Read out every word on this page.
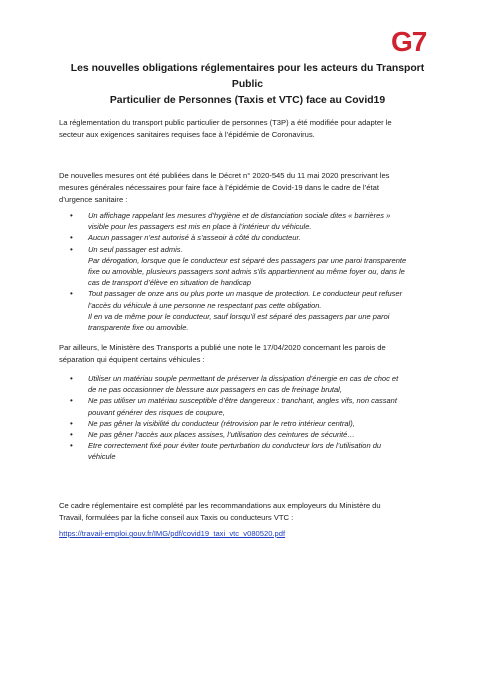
G7
Les nouvelles obligations réglementaires pour les acteurs du Transport Public
Particulier de Personnes (Taxis et VTC) face au Covid19
La réglementation du transport public particulier de personnes (T3P) a été modifiée pour adapter le
secteur aux exigences sanitaires requises face à l’épidémie de Coronavirus.
De nouvelles mesures ont été publiées dans le Décret n° 2020-545 du 11 mai 2020 prescrivant les
mesures générales nécessaires pour faire face à l’épidémie de Covid-19 dans le cadre de l’état
d’urgence sanitaire :
• Un affichage rappelant les mesures d’hygiène et de distanciation sociale dites « barrières »
visible pour les passagers est mis en place à l’intérieur du véhicule.
• Aucun passager n’est autorisé à s’asseoir à côté du conducteur.
• Un seul passager est admis.
Par dérogation, lorsque que le conducteur est séparé des passagers par une paroi transparente
fixe ou amovible, plusieurs passagers sont admis s’ils appartiennent au même foyer ou, dans le
cas de transport d’élève en situation de handicap
• Tout passager de onze ans ou plus porte un masque de protection. Le conducteur peut refuser
l’accès du véhicule à une personne ne respectant pas cette obligation.
Il en va de même pour le conducteur, sauf lorsqu’il est séparé des passagers par une paroi
transparente fixe ou amovible.
Par ailleurs, le Ministère des Transports a publié une note le 17/04/2020 concernant les parois de
séparation qui équipent certains véhicules :
• Utiliser un matériau souple permettant de préserver la dissipation d’énergie en cas de choc et
de ne pas occasionner de blessure aux passagers en cas de freinage brutal,
• Ne pas utiliser un matériau susceptible d’être dangereux : tranchant, angles vifs, non cassant
pouvant générer des risques de coupure,
• Ne pas gêner la visibilité du conducteur (rétrovision par le retro intérieur central),
• Ne pas gêner l’accès aux places assises, l’utilisation des ceintures de sécurité…
• Etre correctement fixé pour éviter toute perturbation du conducteur lors de l’utilisation du
véhicule
Ce cadre réglementaire est complété par les recommandations aux employeurs du Ministère du
Travail, formulées par la fiche conseil aux Taxis ou conducteurs VTC :
https://travail-emploi.gouv.fr/IMG/pdf/covid19_taxi_vtc_v080520.pdf
